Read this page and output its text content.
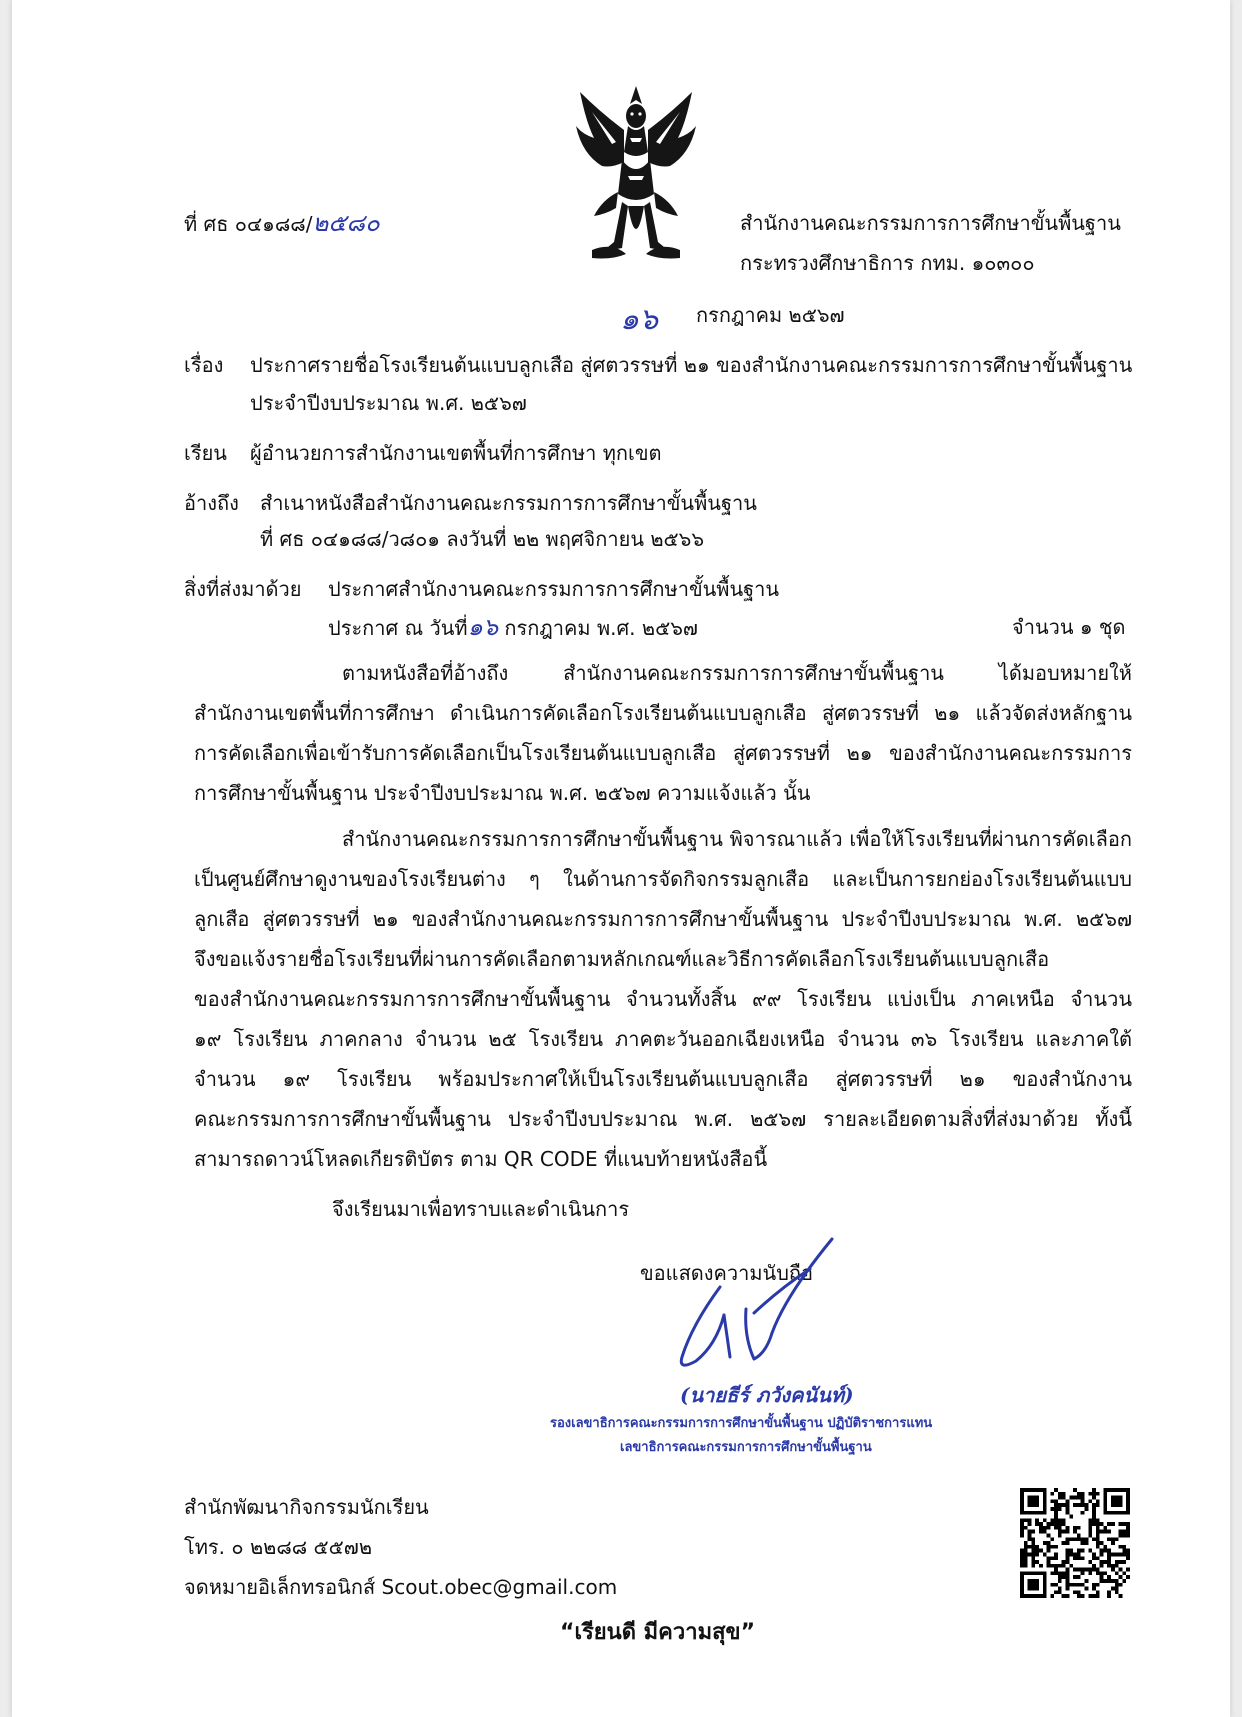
ที่ ศธ ๐๔๑๘๘/๒๕๘๐	สำนักงานคณะกรรมการการศึกษาขั้นพื้นฐาน
กระทรวงศึกษาธิการ กทม. ๑๐๓๐๐
๑๖ กรกฎาคม ๒๕๖๗
เรื่อง ประกาศรายชื่อโรงเรียนต้นแบบลูกเสือ สู่ศตวรรษที่ ๒๑ ของสำนักงานคณะกรรมการการศึกษาขั้นพื้นฐาน
ประจำปีงบประมาณ พ.ศ. ๒๕๖๗
เรียน ผู้อำนวยการสำนักงานเขตพื้นที่การศึกษา ทุกเขต
อ้างถึง สำเนาหนังสือสำนักงานคณะกรรมการการศึกษาขั้นพื้นฐาน
ที่ ศธ ๐๔๑๘๘/ว๘๐๑ ลงวันที่ ๒๒ พฤศจิกายน ๒๕๖๖
สิ่งที่ส่งมาด้วย ประกาศสำนักงานคณะกรรมการการศึกษาขั้นพื้นฐาน
ประกาศ ณ วันที่๑๖ กรกฎาคม พ.ศ. ๒๕๖๗	จำนวน ๑ ชุด
ตามหนังสือที่อ้างถึง สำนักงานคณะกรรมการการศึกษาขั้นพื้นฐาน ได้มอบหมายให้
สำนักงานเขตพื้นที่การศึกษา ดำเนินการคัดเลือกโรงเรียนต้นแบบลูกเสือ สู่ศตวรรษที่ ๒๑ แล้วจัดส่งหลักฐาน
การคัดเลือกเพื่อเข้ารับการคัดเลือกเป็นโรงเรียนต้นแบบลูกเสือ สู่ศตวรรษที่ ๒๑ ของสำนักงานคณะกรรมการ
การศึกษาขั้นพื้นฐาน ประจำปีงบประมาณ พ.ศ. ๒๕๖๗ ความแจ้งแล้ว นั้น
สำนักงานคณะกรรมการการศึกษาขั้นพื้นฐาน พิจารณาแล้ว เพื่อให้โรงเรียนที่ผ่านการคัดเลือก
เป็นศูนย์ศึกษาดูงานของโรงเรียนต่าง ๆ ในด้านการจัดกิจกรรมลูกเสือ และเป็นการยกย่องโรงเรียนต้นแบบ
ลูกเสือ สู่ศตวรรษที่ ๒๑ ของสำนักงานคณะกรรมการการศึกษาขั้นพื้นฐาน ประจำปีงบประมาณ พ.ศ. ๒๕๖๗
จึงขอแจ้งรายชื่อโรงเรียนที่ผ่านการคัดเลือกตามหลักเกณฑ์และวิธีการคัดเลือกโรงเรียนต้นแบบลูกเสือ
ของสำนักงานคณะกรรมการการศึกษาขั้นพื้นฐาน จำนวนทั้งสิ้น ๙๙ โรงเรียน แบ่งเป็น ภาคเหนือ จำนวน
๑๙ โรงเรียน ภาคกลาง จำนวน ๒๕ โรงเรียน ภาคตะวันออกเฉียงเหนือ จำนวน ๓๖ โรงเรียน และภาคใต้
จำนวน ๑๙ โรงเรียน พร้อมประกาศให้เป็นโรงเรียนต้นแบบลูกเสือ สู่ศตวรรษที่ ๒๑ ของสำนักงาน
คณะกรรมการการศึกษาขั้นพื้นฐาน ประจำปีงบประมาณ พ.ศ. ๒๕๖๗ รายละเอียดตามสิ่งที่ส่งมาด้วย ทั้งนี้
สามารถดาวน์โหลดเกียรติบัตร ตาม QR CODE ที่แนบท้ายหนังสือนี้
จึงเรียนมาเพื่อทราบและดำเนินการ
ขอแสดงความนับถือ
(นายธีร์ ภวังคนันท์)
รองเลขาธิการคณะกรรมการการศึกษาขั้นพื้นฐาน ปฏิบัติราชการแทน
เลขาธิการคณะกรรมการการศึกษาขั้นพื้นฐาน
สำนักพัฒนากิจกรรมนักเรียน
โทร. ๐ ๒๒๘๘ ๕๕๗๒
จดหมายอิเล็กทรอนิกส์ Scout.obec@gmail.com
“เรียนดี มีความสุข”
